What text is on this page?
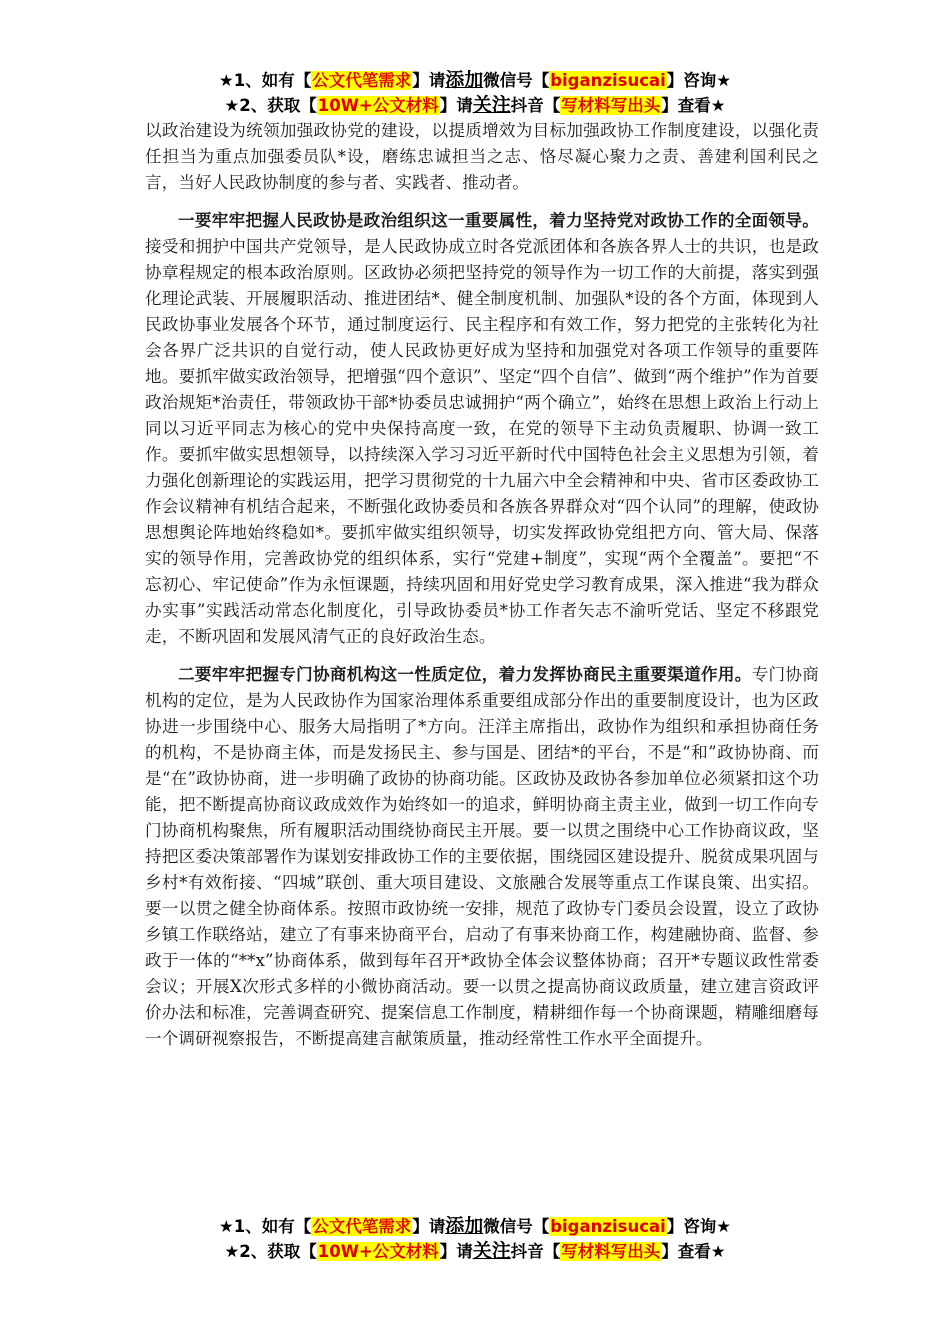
★1、如有【公文代笔需求】请添加微信号【biganzisucai】咨询★
★2、获取【10W+公文材料】请关注抖音【写材料写出头】查看★

以政治建设为统领加强政协党的建设，以提质增效为目标加强政协工作制度建设，以强化责任担当为重点加强委员队*设，磨练忠诚担当之志、恪尽凝心聚力之责、善建利国利民之言，当好人民政协制度的参与者、实践者、推动者。

一要牢牢把握人民政协是政治组织这一重要属性，着力坚持党对政协工作的全面领导。接受和拥护中国共产党领导，是人民政协成立时各党派团体和各族各界人士的共识，也是政协章程规定的根本政治原则。区政协必须把坚持党的领导作为一切工作的大前提，落实到强化理论武装、开展履职活动、推进团结*、健全制度机制、加强队*设的各个方面，体现到人民政协事业发展各个环节，通过制度运行、民主程序和有效工作，努力把党的主张转化为社会各界广泛共识的自觉行动，使人民政协更好成为坚持和加强党对各项工作领导的重要阵地。要抓牢做实政治领导，把增强“四个意识”、坚定“四个自信”、做到“两个维护”作为首要政治规矩*治责任，带领政协干部*协委员忠诚拥护“两个确立”，始终在思想上政治上行动上同以习近平同志为核心的党中央保持高度一致，在党的领导下主动负责履职、协调一致工作。要抓牢做实思想领导，以持续深入学习习近平新时代中国特色社会主义思想为引领，着力强化创新理论的实践运用，把学习贯彻党的十九届六中全会精神和中央、省市区委政协工作会议精神有机结合起来，不断强化政协委员和各族各界群众对“四个认同”的理解，使政协思想舆论阵地始终稳如*。要抓牢做实组织领导，切实发挥政协党组把方向、管大局、保落实的领导作用，完善政协党的组织体系，实行“党建+制度”，实现“两个全覆盖”。要把“不忘初心、牢记使命”作为永恒课题，持续巩固和用好党史学习教育成果，深入推进“我为群众办实事”实践活动常态化制度化，引导政协委员*协工作者矢志不渝听党话、坚定不移跟党走，不断巩固和发展风清气正的良好政治生态。

二要牢牢把握专门协商机构这一性质定位，着力发挥协商民主重要渠道作用。专门协商机构的定位，是为人民政协作为国家治理体系重要组成部分作出的重要制度设计，也为区政协进一步围绕中心、服务大局指明了*方向。汪洋主席指出，政协作为组织和承担协商任务的机构，不是协商主体，而是发扬民主、参与国是、团结*的平台，不是“和”政协协商、而是“在”政协协商，进一步明确了政协的协商功能。区政协及政协各参加单位必须紧扣这个功能，把不断提高协商议政成效作为始终如一的追求，鲜明协商主责主业，做到一切工作向专门协商机构聚焦，所有履职活动围绕协商民主开展。要一以贯之围绕中心工作协商议政，坚持把区委决策部署作为谋划安排政协工作的主要依据，围绕园区建设提升、脱贫成果巩固与乡村*有效衔接、“四城”联创、重大项目建设、文旅融合发展等重点工作谋良策、出实招。要一以贯之健全协商体系。按照市政协统一安排，规范了政协专门委员会设置，设立了政协乡镇工作联络站，建立了有事来协商平台，启动了有事来协商工作，构建融协商、监督、参政于一体的“**x”协商体系，做到每年召开*政协全体会议整体协商；召开*专题议政性常委会议；开展X次形式多样的小微协商活动。要一以贯之提高协商议政质量，建立建言资政评价办法和标准，完善调查研究、提案信息工作制度，精耕细作每一个协商课题，精雕细磨每一个调研视察报告，不断提高建言献策质量，推动经常性工作水平全面提升。

★1、如有【公文代笔需求】请添加微信号【biganzisucai】咨询★
★2、获取【10W+公文材料】请关注抖音【写材料写出头】查看★
